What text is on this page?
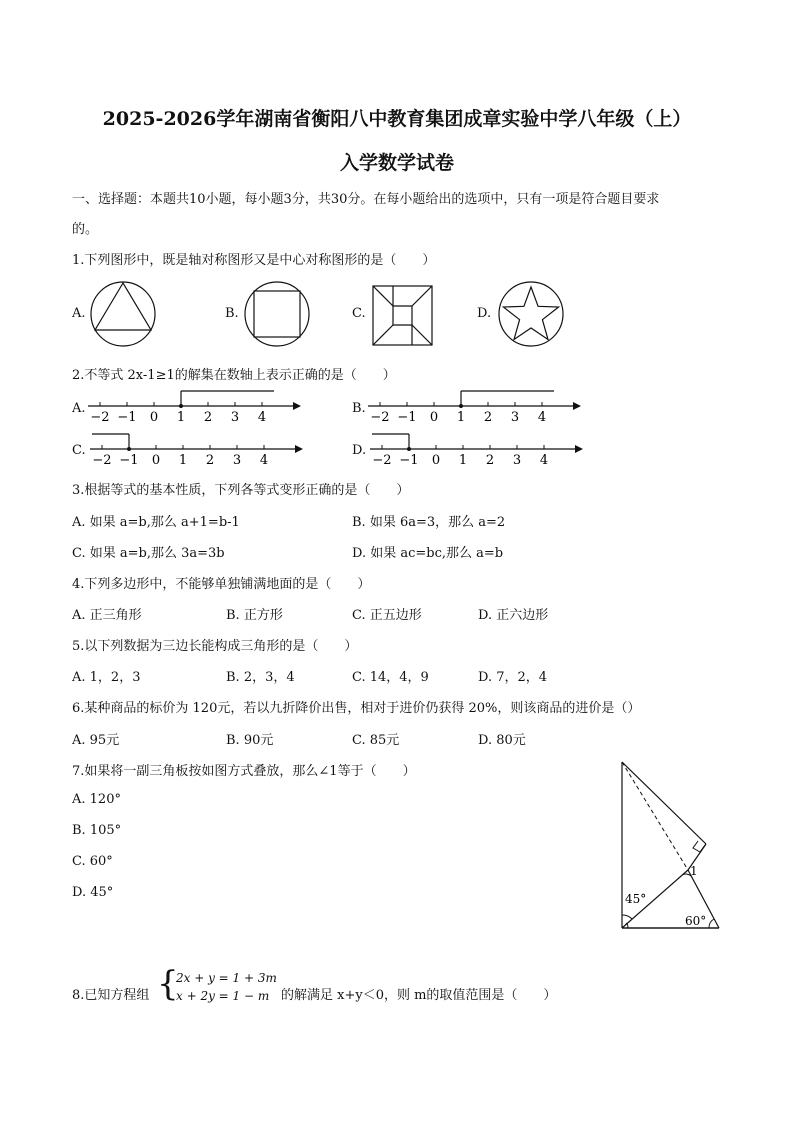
2025-2026学年湖南省衡阳八中教育集团成章实验中学八年级（上）
入学数学试卷
一、选择题：本题共10小题，每小题3分，共30分。在每小题给出的选项中，只有一项是符合题目要求
的。
1.下列图形中，既是轴对称图形又是中心对称图形的是（　　）
A.	B.	C.	D.
2.不等式 2x-1≥1的解集在数轴上表示正确的是（　　）
A.	B.
C.	D.
−2 −1 0 1 2 3 4	−2 −1 0 1 2 3 4
−2 −1 0 1 2 3 4	−2 −1 0 1 2 3 4
3.根据等式的基本性质，下列各等式变形正确的是（　　）
A. 如果 a=b,那么 a+1=b-1	B. 如果 6a=3，那么 a=2
C. 如果 a=b,那么 3a=3b	D. 如果 ac=bc,那么 a=b
4.下列多边形中，不能够单独铺满地面的是（　　）
A. 正三角形	B. 正方形	C. 正五边形	D. 正六边形
5.以下列数据为三边长能构成三角形的是（　　）
A. 1，2，3	B. 2，3，4	C. 14，4，9	D. 7，2，4
6.某种商品的标价为 120元，若以九折降价出售，相对于进价仍获得 20%，则该商品的进价是（）
A. 95元	B. 90元	C. 85元	D. 80元
7.如果将一副三角板按如图方式叠放，那么∠1等于（　　）
A. 120°
B. 105°
C. 60°
D. 45°	45°
60°
1
8.已知方程组 {
2x + y = 1 + 3m
x + 2y = 1 − m 的解满足 x+y＜0，则 m的取值范围是（　　）
